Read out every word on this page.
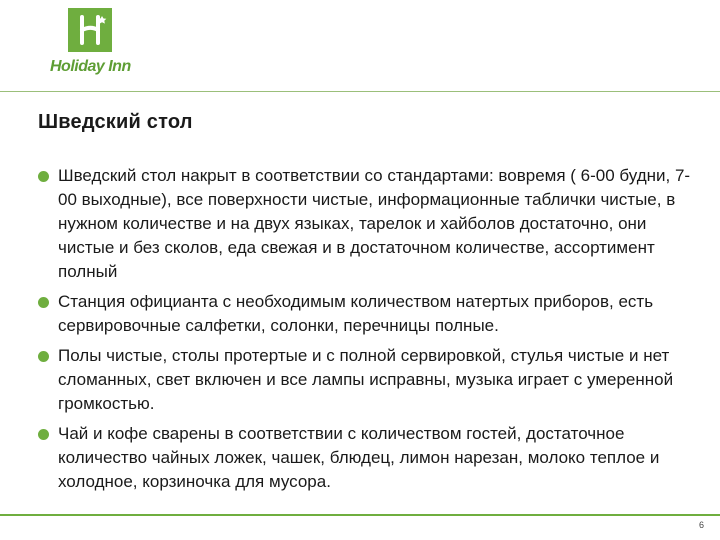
Holiday Inn
Шведский стол
Шведский стол накрыт в соответствии со стандартами: вовремя ( 6-00 будни, 7-00 выходные), все поверхности чистые, информационные таблички чистые, в нужном количестве и на двух языках, тарелок и хайболов достаточно, они чистые и без сколов, еда свежая и в достаточном количестве, ассортимент полный
Станция официанта с необходимым количеством натертых приборов, есть сервировочные салфетки, солонки, перечницы полные.
Полы чистые, столы протертые и с полной сервировкой, стулья чистые и нет сломанных, свет включен и все лампы исправны, музыка играет с умеренной громкостью.
Чай и кофе сварены в соответствии с количеством гостей, достаточное количество чайных ложек, чашек, блюдец, лимон нарезан, молоко теплое и холодное, корзиночка для мусора.
6
